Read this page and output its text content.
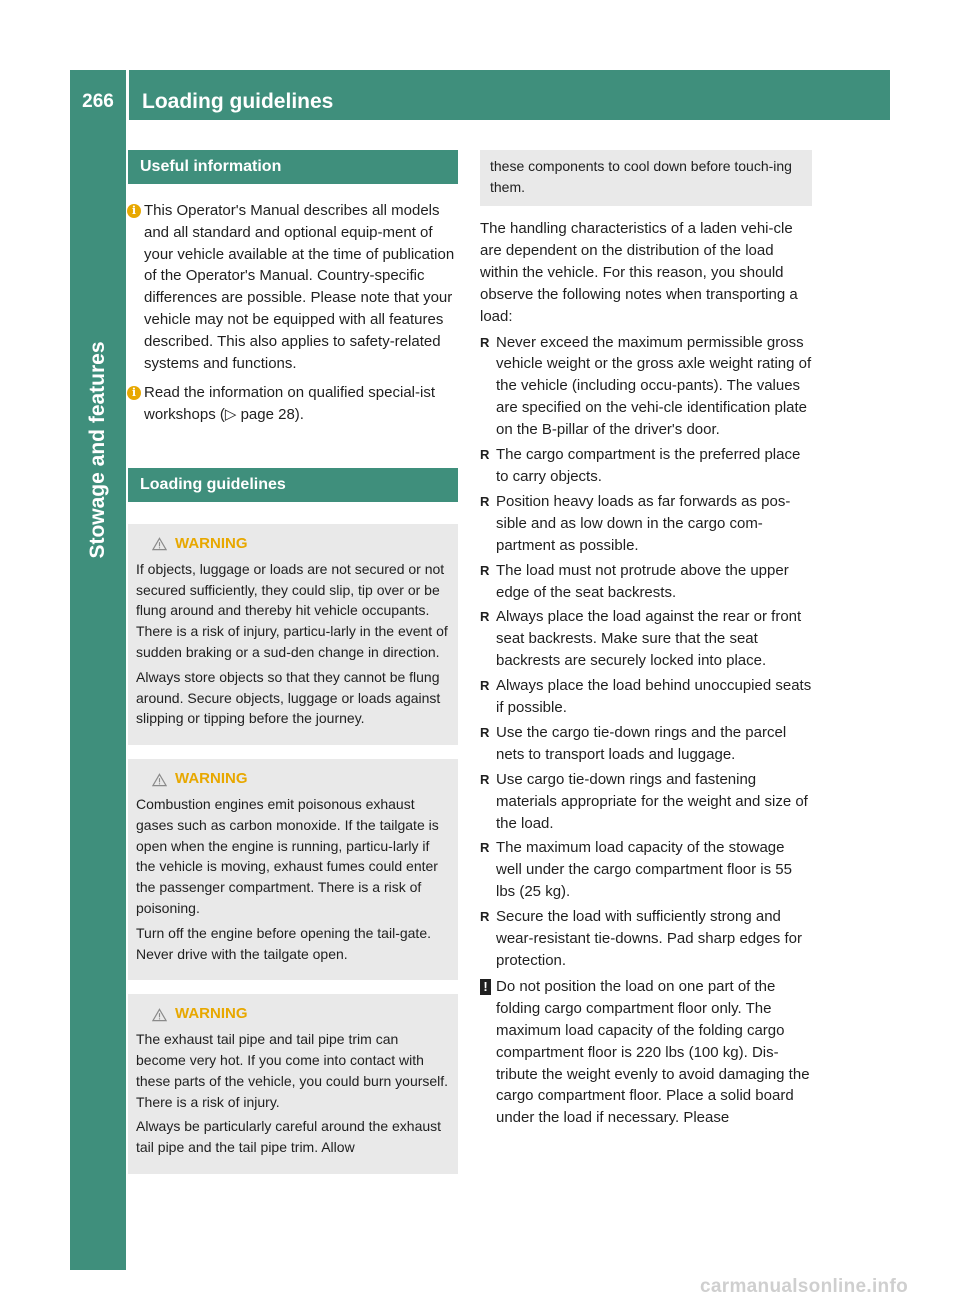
266	Loading guidelines
Stowage and features
Useful information

i This Operator's Manual describes all models and all standard and optional equip-ment of your vehicle available at the time of publication of the Operator's Manual. Country-specific differences are possible. Please note that your vehicle may not be equipped with all features described. This also applies to safety-related systems and functions.

i Read the information on qualified special-ist workshops (▷ page 28).

Loading guidelines
WARNING

If objects, luggage or loads are not secured or not secured sufficiently, they could slip, tip over or be flung around and thereby hit vehicle occupants. There is a risk of injury, particu-larly in the event of sudden braking or a sud-den change in direction.

Always store objects so that they cannot be flung around. Secure objects, luggage or loads against slipping or tipping before the journey.

WARNING

Combustion engines emit poisonous exhaust gases such as carbon monoxide. If the tailgate is open when the engine is running, particu-larly if the vehicle is moving, exhaust fumes could enter the passenger compartment. There is a risk of poisoning.

Turn off the engine before opening the tail-gate. Never drive with the tailgate open.

WARNING

The exhaust tail pipe and tail pipe trim can become very hot. If you come into contact with these parts of the vehicle, you could burn yourself. There is a risk of injury.

Always be particularly careful around the exhaust tail pipe and the tail pipe trim. Allow

these components to cool down before touch-ing them.

The handling characteristics of a laden vehi-cle are dependent on the distribution of the load within the vehicle. For this reason, you should observe the following notes when transporting a load:

R Never exceed the maximum permissible gross vehicle weight or the gross axle weight rating of the vehicle (including occu-pants). The values are specified on the vehi-cle identification plate on the B-pillar of the driver's door.
R The cargo compartment is the preferred place to carry objects.
R Position heavy loads as far forwards as pos-sible and as low down in the cargo com-partment as possible.
R The load must not protrude above the upper edge of the seat backrests.
R Always place the load against the rear or front seat backrests. Make sure that the seat backrests are securely locked into place.
R Always place the load behind unoccupied seats if possible.
R Use the cargo tie-down rings and the parcel nets to transport loads and luggage.
R Use cargo tie-down rings and fastening materials appropriate for the weight and size of the load.
R The maximum load capacity of the stowage well under the cargo compartment floor is 55 lbs (25 kg).
R Secure the load with sufficiently strong and wear-resistant tie-downs. Pad sharp edges for protection.

! Do not position the load on one part of the folding cargo compartment floor only. The maximum load capacity of the folding cargo compartment floor is 220 lbs (100 kg). Dis-tribute the weight evenly to avoid damaging the cargo compartment floor. Place a solid board under the load if necessary. Please

carmanualsonline.info
